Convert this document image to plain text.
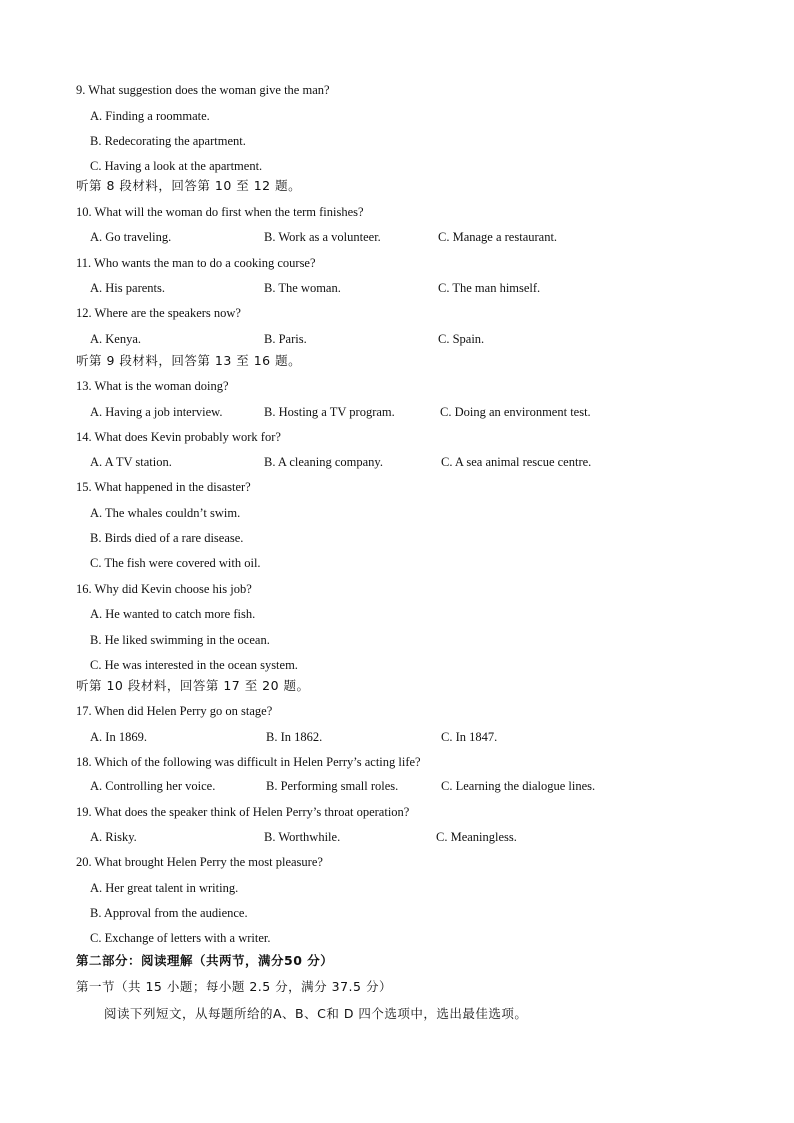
9. What suggestion does the woman give the man?
A. Finding a roommate.
B. Redecorating the apartment.
C. Having a look at the apartment.
听第 8 段材料，回答第 10 至 12 题。
10. What will the woman do first when the term finishes?
A. Go traveling.	B. Work as a volunteer.	C. Manage a restaurant.
11. Who wants the man to do a cooking course?
A. His parents.	B. The woman.	C. The man himself.
12. Where are the speakers now?
A. Kenya.	B. Paris.	C. Spain.
听第 9 段材料，回答第 13 至 16 题。
13. What is the woman doing?
A. Having a job interview.	B. Hosting a TV program.	C. Doing an environment test.
14. What does Kevin probably work for?
A. A TV station.	B. A cleaning company.	C. A sea animal rescue centre.
15. What happened in the disaster?
A. The whales couldn’t swim.
B. Birds died of a rare disease.
C. The fish were covered with oil.
16. Why did Kevin choose his job?
A. He wanted to catch more fish.
B. He liked swimming in the ocean.
C. He was interested in the ocean system.
听第 10 段材料，回答第 17 至 20 题。
17. When did Helen Perry go on stage?
A. In 1869.	B. In 1862.	C. In 1847.
18. Which of the following was difficult in Helen Perry’s acting life?
A. Controlling her voice.	B. Performing small roles.	C. Learning the dialogue lines.
19. What does the speaker think of Helen Perry’s throat operation?
A. Risky.	B. Worthwhile.	C. Meaningless.
20. What brought Helen Perry the most pleasure?
A. Her great talent in writing.
B. Approval from the audience.
C. Exchange of letters with a writer.
第二部分：阅读理解（共两节，满分50 分）
第一节（共 15 小题；每小题 2.5 分，满分 37.5 分）
阅读下列短文，从每题所给的A、B、C和 D 四个选项中，选出最佳选项。
